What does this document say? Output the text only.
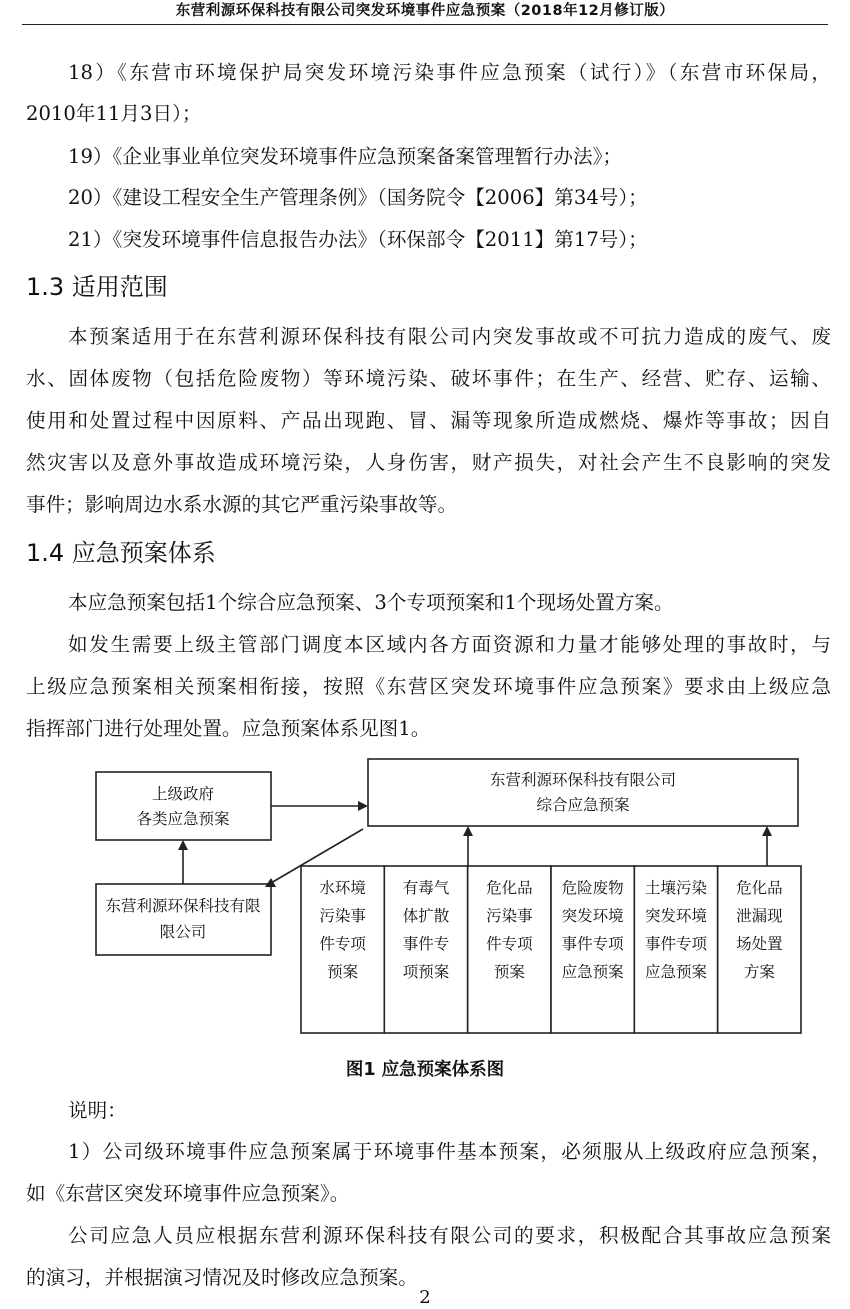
东营利源环保科技有限公司突发环境事件应急预案（2018年12月修订版）
18）《东营市环境保护局突发环境污染事件应急预案（试行）》（东营市环保局，
2010年11月3日）；
19）《企业事业单位突发环境事件应急预案备案管理暂行办法》；
20）《建设工程安全生产管理条例》（国务院令【2006】第34号）；
21）《突发环境事件信息报告办法》（环保部令【2011】第17号）；
1.3 适用范围
本预案适用于在东营利源环保科技有限公司内突发事故或不可抗力造成的废气、废
水、固体废物（包括危险废物）等环境污染、破坏事件；在生产、经营、贮存、运输、
使用和处置过程中因原料、产品出现跑、冒、漏等现象所造成燃烧、爆炸等事故；因自
然灾害以及意外事故造成环境污染，人身伤害，财产损失，对社会产生不良影响的突发
事件；影响周边水系水源的其它严重污染事故等。
1.4 应急预案体系
本应急预案包括1个综合应急预案、3个专项预案和1个现场处置方案。
如发生需要上级主管部门调度本区域内各方面资源和力量才能够处理的事故时，与
上级应急预案相关预案相衔接，按照《东营区突发环境事件应急预案》要求由上级应急
指挥部门进行处理处置。应急预案体系见图1。
上级政府
各类应急预案
东营利源环保科技有限公司
综合应急预案
东营利源环保科技有限
限公司
水环境
污染事
件专项
预案
有毒气
体扩散
事件专
项预案
危化品
污染事
件专项
预案
危险废物
突发环境
事件专项
应急预案
土壤污染
突发环境
事件专项
应急预案
危化品
泄漏现
场处置
方案
图1 应急预案体系图
说明：
1）公司级环境事件应急预案属于环境事件基本预案，必须服从上级政府应急预案，
如《东营区突发环境事件应急预案》。
公司应急人员应根据东营利源环保科技有限公司的要求，积极配合其事故应急预案
的演习，并根据演习情况及时修改应急预案。
2
